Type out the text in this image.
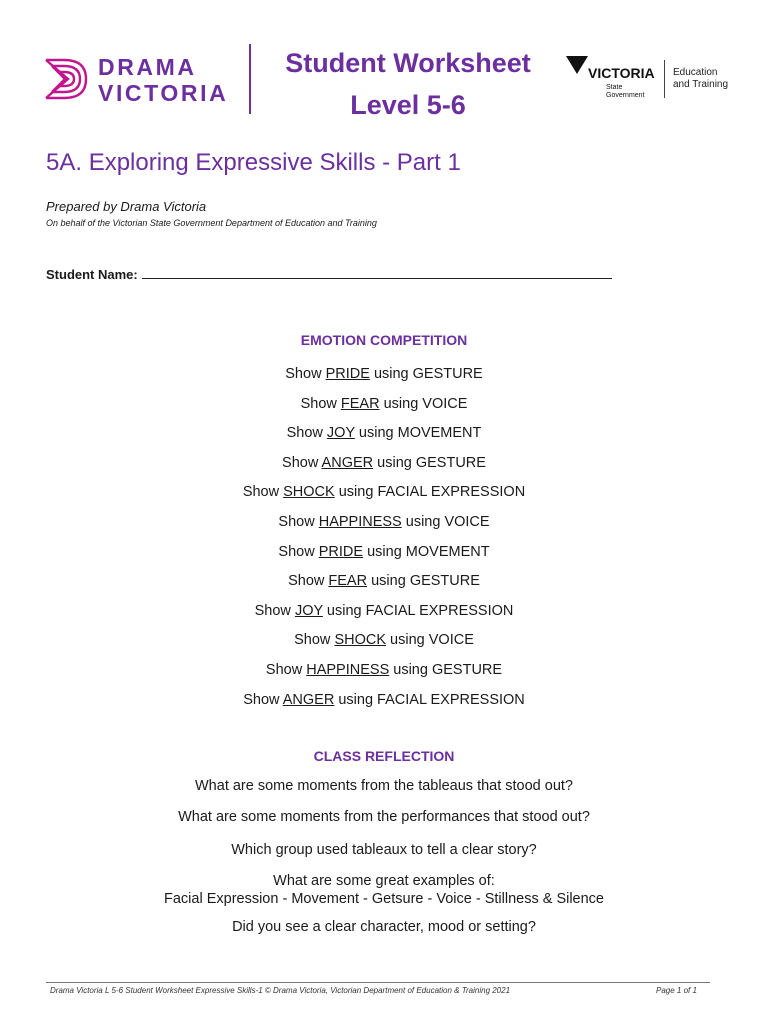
DRAMA
VICTORIA
Student Worksheet
Level 5-6
VICTORIA
State
Government
Education
and Training
5A. Exploring Expressive Skills - Part 1
Prepared by Drama Victoria
On behalf of the Victorian State Government Department of Education and Training
Student Name:
EMOTION COMPETITION
Show PRIDE using GESTURE
Show FEAR using VOICE
Show JOY using MOVEMENT
Show ANGER using GESTURE
Show SHOCK using FACIAL EXPRESSION
Show HAPPINESS using VOICE
Show PRIDE using MOVEMENT
Show FEAR using GESTURE
Show JOY using FACIAL EXPRESSION
Show SHOCK using VOICE
Show HAPPINESS using GESTURE
Show ANGER using FACIAL EXPRESSION
CLASS REFLECTION
What are some moments from the tableaus that stood out?
What are some moments from the performances that stood out?
Which group used tableaux to tell a clear story?
What are some great examples of:
Facial Expression - Movement - Getsure - Voice - Stillness & Silence
Did you see a clear character, mood or setting?
Drama Victoria L 5-6 Student Worksheet Expressive Skills-1 © Drama Victoria, Victorian Department of Education & Training 2021	Page 1 of 1
